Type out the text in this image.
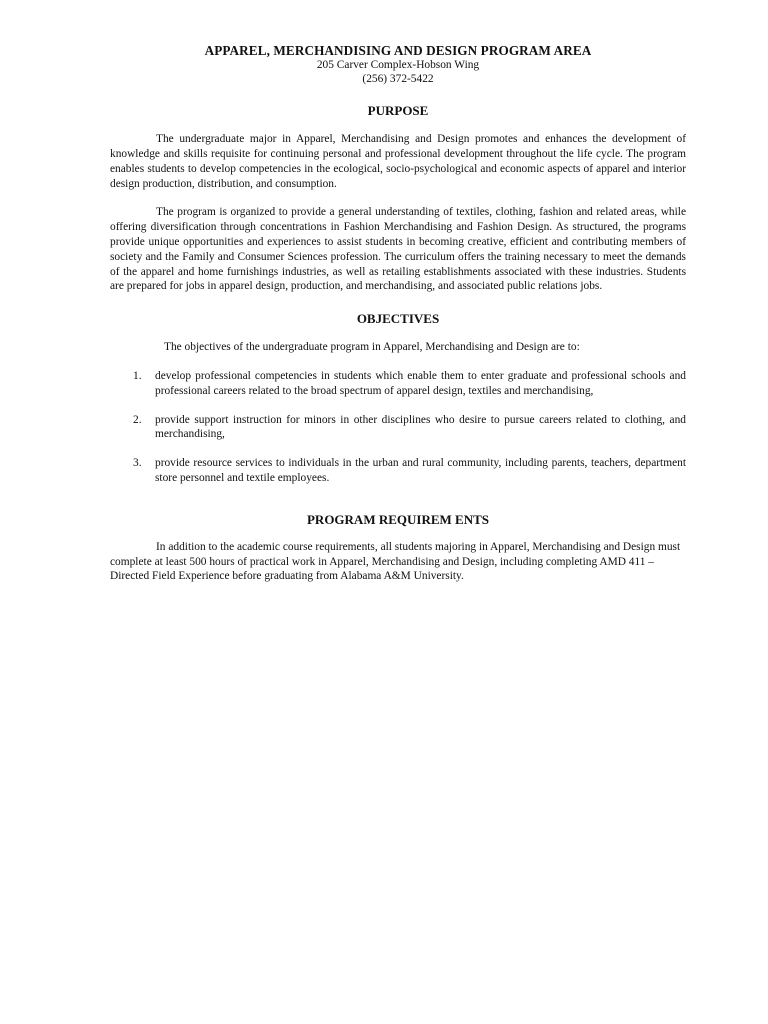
APPAREL, MERCHANDISING AND DESIGN PROGRAM AREA
205 Carver Complex-Hobson Wing
(256) 372-5422
PURPOSE

The undergraduate major in Apparel, Merchandising and Design promotes and enhances the development of knowledge and skills requisite for continuing personal and professional development throughout the life cycle. The program enables students to develop competencies in the ecological, socio-psychological and economic aspects of apparel and interior design production, distribution, and consumption.

The program is organized to provide a general understanding of textiles, clothing, fashion and related areas, while offering diversification through concentrations in Fashion Merchandising and Fashion Design. As structured, the programs provide unique opportunities and experiences to assist students in becoming creative, efficient and contributing members of society and the Family and Consumer Sciences profession. The curriculum offers the training necessary to meet the demands of the apparel and home furnishings industries, as well as retailing establishments associated with these industries. Students are prepared for jobs in apparel design, production, and merchandising, and associated public relations jobs.

OBJECTIVES

The objectives of the undergraduate program in Apparel, Merchandising and Design are to:

1.	develop professional competencies in students which enable them to enter graduate and professional schools and professional careers related to the broad spectrum of apparel design, textiles and merchandising,
2.	provide support instruction for minors in other disciplines who desire to pursue careers related to clothing, and merchandising,
3.	provide resource services to individuals in the urban and rural community, including parents, teachers, department store personnel and textile employees.
PROGRAM REQUIREM ENTS

In addition to the academic course requirements, all students majoring in Apparel, Merchandising and Design must complete at least 500 hours of practical work in Apparel, Merchandising and Design, including completing AMD 411 – Directed Field Experience before graduating from Alabama A&M University.
